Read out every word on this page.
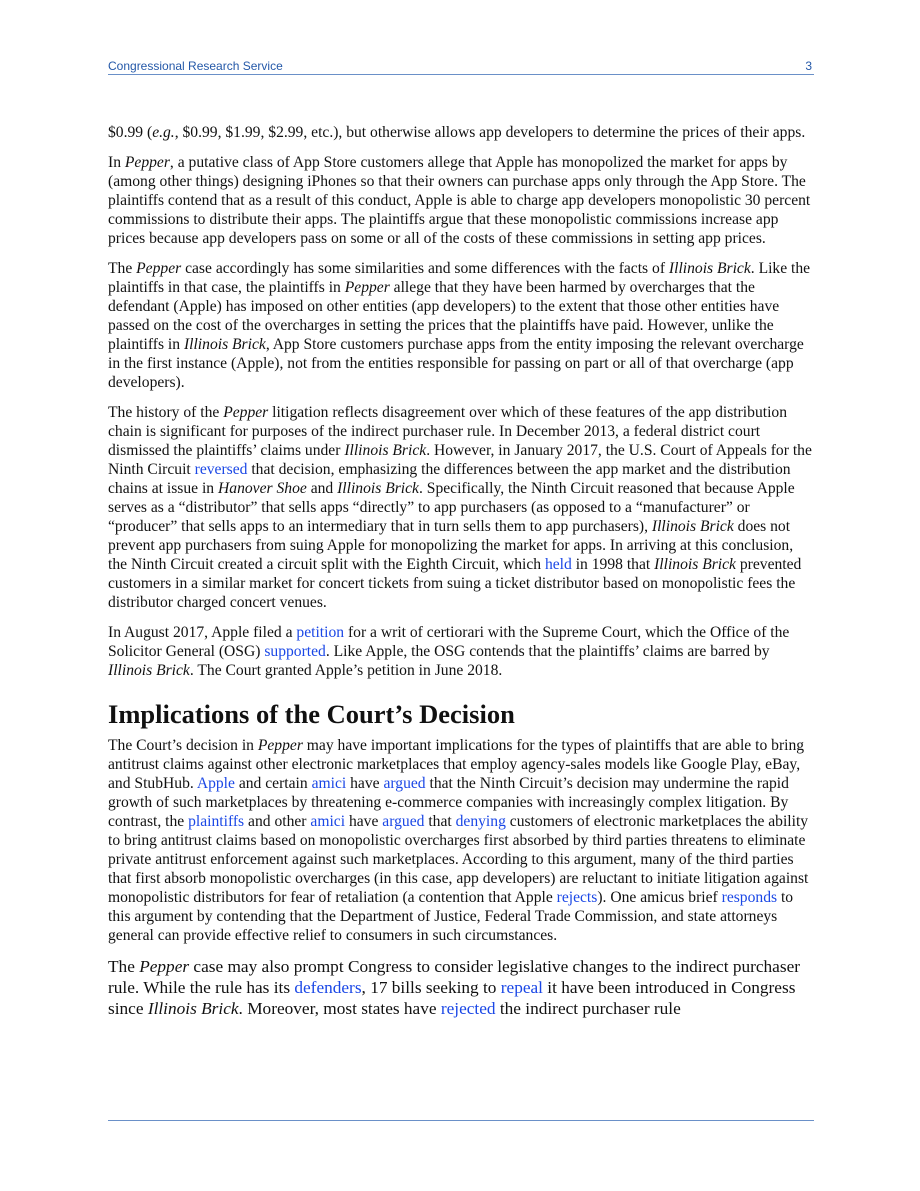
Congressional Research Service	3

$0.99 (e.g., $0.99, $1.99, $2.99, etc.), but otherwise allows app developers to determine the prices of their apps.

In Pepper, a putative class of App Store customers allege that Apple has monopolized the market for apps by (among other things) designing iPhones so that their owners can purchase apps only through the App Store. The plaintiffs contend that as a result of this conduct, Apple is able to charge app developers monopolistic 30 percent commissions to distribute their apps. The plaintiffs argue that these monopolistic commissions increase app prices because app developers pass on some or all of the costs of these commissions in setting app prices.

The Pepper case accordingly has some similarities and some differences with the facts of Illinois Brick. Like the plaintiffs in that case, the plaintiffs in Pepper allege that they have been harmed by overcharges that the defendant (Apple) has imposed on other entities (app developers) to the extent that those other entities have passed on the cost of the overcharges in setting the prices that the plaintiffs have paid. However, unlike the plaintiffs in Illinois Brick, App Store customers purchase apps from the entity imposing the relevant overcharge in the first instance (Apple), not from the entities responsible for passing on part or all of that overcharge (app developers).

The history of the Pepper litigation reflects disagreement over which of these features of the app distribution chain is significant for purposes of the indirect purchaser rule. In December 2013, a federal district court dismissed the plaintiffs’ claims under Illinois Brick. However, in January 2017, the U.S. Court of Appeals for the Ninth Circuit reversed that decision, emphasizing the differences between the app market and the distribution chains at issue in Hanover Shoe and Illinois Brick. Specifically, the Ninth Circuit reasoned that because Apple serves as a “distributor” that sells apps “directly” to app purchasers (as opposed to a “manufacturer” or “producer” that sells apps to an intermediary that in turn sells them to app purchasers), Illinois Brick does not prevent app purchasers from suing Apple for monopolizing the market for apps. In arriving at this conclusion, the Ninth Circuit created a circuit split with the Eighth Circuit, which held in 1998 that Illinois Brick prevented customers in a similar market for concert tickets from suing a ticket distributor based on monopolistic fees the distributor charged concert venues.

In August 2017, Apple filed a petition for a writ of certiorari with the Supreme Court, which the Office of the Solicitor General (OSG) supported. Like Apple, the OSG contends that the plaintiffs’ claims are barred by Illinois Brick. The Court granted Apple’s petition in June 2018.

Implications of the Court’s Decision

The Court’s decision in Pepper may have important implications for the types of plaintiffs that are able to bring antitrust claims against other electronic marketplaces that employ agency-sales models like Google Play, eBay, and StubHub. Apple and certain amici have argued that the Ninth Circuit’s decision may undermine the rapid growth of such marketplaces by threatening e-commerce companies with increasingly complex litigation. By contrast, the plaintiffs and other amici have argued that denying customers of electronic marketplaces the ability to bring antitrust claims based on monopolistic overcharges first absorbed by third parties threatens to eliminate private antitrust enforcement against such marketplaces. According to this argument, many of the third parties that first absorb monopolistic overcharges (in this case, app developers) are reluctant to initiate litigation against monopolistic distributors for fear of retaliation (a contention that Apple rejects). One amicus brief responds to this argument by contending that the Department of Justice, Federal Trade Commission, and state attorneys general can provide effective relief to consumers in such circumstances.

The Pepper case may also prompt Congress to consider legislative changes to the indirect purchaser rule. While the rule has its defenders, 17 bills seeking to repeal it have been introduced in Congress since Illinois Brick. Moreover, most states have rejected the indirect purchaser rule
